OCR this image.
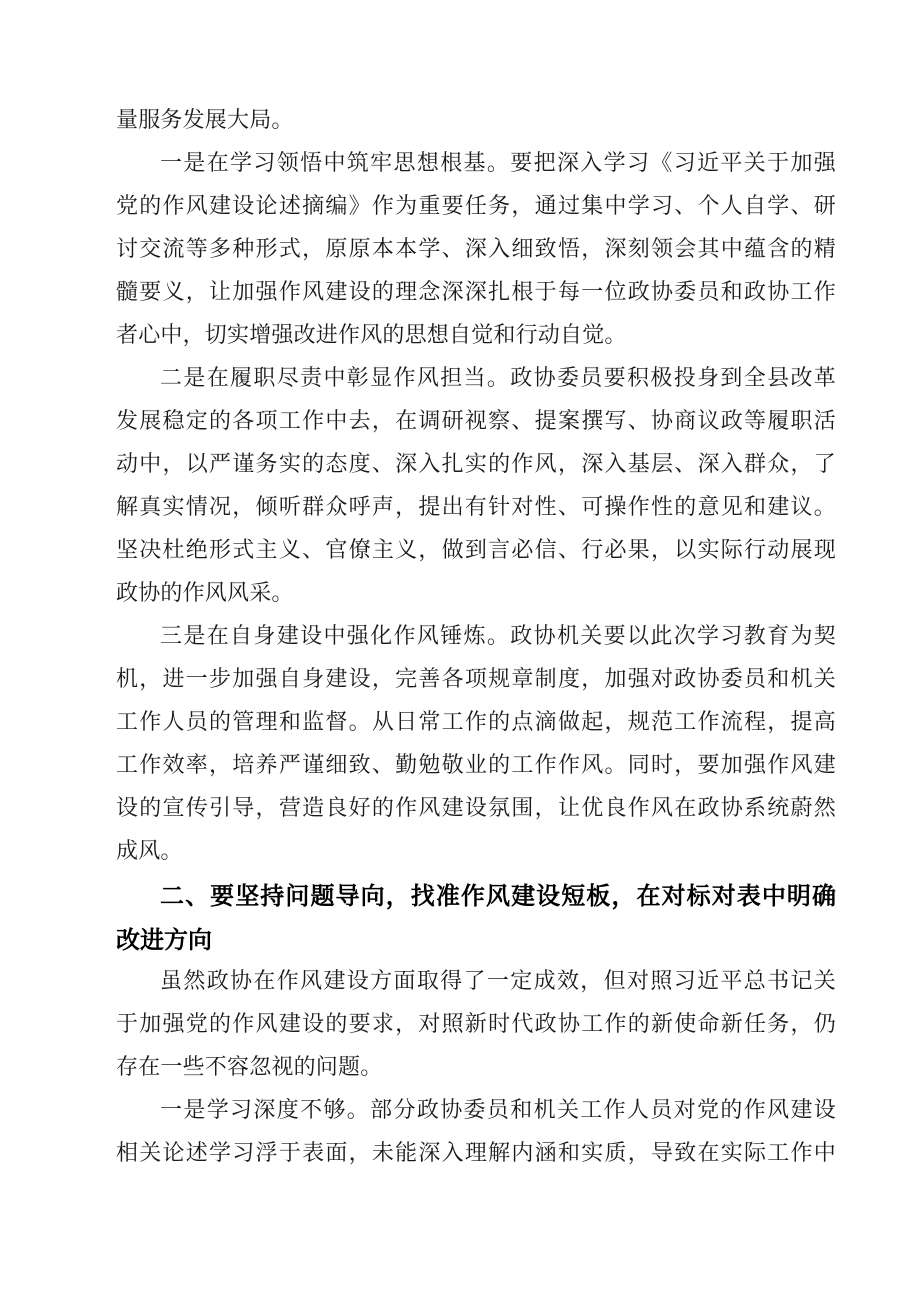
量服务发展大局。
一是在学习领悟中筑牢思想根基。要把深入学习《习近平关于加强
党的作风建设论述摘编》作为重要任务，通过集中学习、个人自学、研
讨交流等多种形式，原原本本学、深入细致悟，深刻领会其中蕴含的精
髓要义，让加强作风建设的理念深深扎根于每一位政协委员和政协工作
者心中，切实增强改进作风的思想自觉和行动自觉。
二是在履职尽责中彰显作风担当。政协委员要积极投身到全县改革
发展稳定的各项工作中去，在调研视察、提案撰写、协商议政等履职活
动中，以严谨务实的态度、深入扎实的作风，深入基层、深入群众，了
解真实情况，倾听群众呼声，提出有针对性、可操作性的意见和建议。
坚决杜绝形式主义、官僚主义，做到言必信、行必果，以实际行动展现
政协的作风风采。
三是在自身建设中强化作风锤炼。政协机关要以此次学习教育为契
机，进一步加强自身建设，完善各项规章制度，加强对政协委员和机关
工作人员的管理和监督。从日常工作的点滴做起，规范工作流程，提高
工作效率，培养严谨细致、勤勉敬业的工作作风。同时，要加强作风建
设的宣传引导，营造良好的作风建设氛围，让优良作风在政协系统蔚然
成风。
二、要坚持问题导向，找准作风建设短板，在对标对表中明确
改进方向
虽然政协在作风建设方面取得了一定成效，但对照习近平总书记关
于加强党的作风建设的要求，对照新时代政协工作的新使命新任务，仍
存在一些不容忽视的问题。
一是学习深度不够。部分政协委员和机关工作人员对党的作风建设
相关论述学习浮于表面，未能深入理解内涵和实质，导致在实际工作中
